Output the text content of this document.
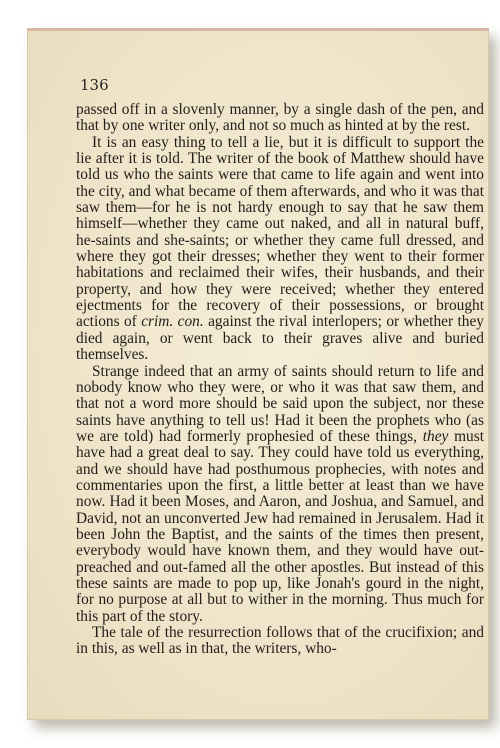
136

passed off in a slovenly manner, by a single dash of the pen, and that by one writer only, and not so much as hinted at by the rest.

It is an easy thing to tell a lie, but it is difficult to support the lie after it is told. The writer of the book of Matthew should have told us who the saints were that came to life again and went into the city, and what became of them afterwards, and who it was that saw them—for he is not hardy enough to say that he saw them himself—whether they came out naked, and all in natural buff, he-saints and she-saints; or whether they came full dressed, and where they got their dresses; whether they went to their former habitations and reclaimed their wifes, their husbands, and their property, and how they were received; whether they entered ejectments for the recovery of their possessions, or brought actions of crim. con. against the rival interlopers; or whether they died again, or went back to their graves alive and buried themselves.

Strange indeed that an army of saints should return to life and nobody know who they were, or who it was that saw them, and that not a word more should be said upon the subject, nor these saints have anything to tell us! Had it been the prophets who (as we are told) had formerly prophesied of these things, they must have had a great deal to say. They could have told us everything, and we should have had posthumous prophecies, with notes and commentaries upon the first, a little better at least than we have now. Had it been Moses, and Aaron, and Joshua, and Samuel, and David, not an unconverted Jew had remained in Jerusalem. Had it been John the Baptist, and the saints of the times then present, everybody would have known them, and they would have out-preached and out-famed all the other apostles. But instead of this these saints are made to pop up, like Jonah's gourd in the night, for no purpose at all but to wither in the morning. Thus much for this part of the story.

The tale of the resurrection follows that of the crucifixion; and in this, as well as in that, the writers, who-
